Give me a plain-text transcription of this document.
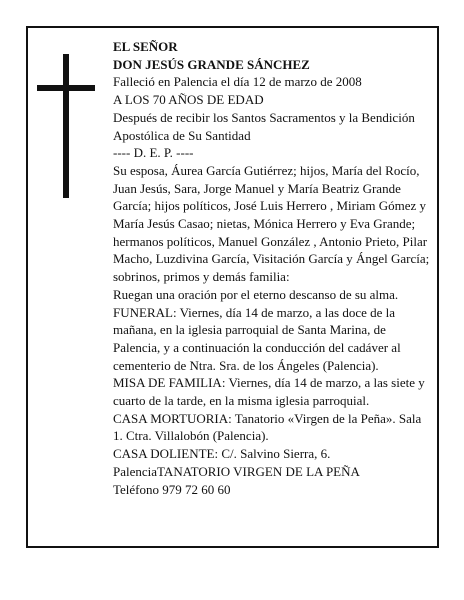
EL SEÑOR

DON JESÚS GRANDE SÁNCHEZ

Falleció en Palencia el día 12 de marzo de 2008

A LOS 70 AÑOS DE EDAD

Después de recibir los Santos Sacramentos y la Bendición Apostólica de Su Santidad

---- D. E. P. ----

Su esposa, Áurea García Gutiérrez; hijos, María del Rocío, Juan Jesús, Sara, Jorge Manuel y María Beatriz Grande García; hijos políticos, José Luis Herrero , Miriam Gómez y María Jesús Casao; nietas, Mónica Herrero y Eva Grande; hermanos políticos, Manuel González , Antonio Prieto, Pilar Macho, Luzdivina García, Visitación García y Ángel García; sobrinos, primos y demás familia:

Ruegan una oración por el eterno descanso de su alma.

FUNERAL: Viernes, día 14 de marzo, a las doce de la mañana, en la iglesia parroquial de Santa Marina, de Palencia, y a continuación la conducción del cadáver al cementerio de Ntra. Sra. de los Ángeles (Palencia).

MISA DE FAMILIA: Viernes, día 14 de marzo, a las siete y cuarto de la tarde, en la misma iglesia parroquial.

CASA MORTUORIA: Tanatorio «Virgen de la Peña». Sala 1. Ctra. Villalobón (Palencia).

CASA DOLIENTE: C/. Salvino Sierra, 6. PalenciaTANATORIO VIRGEN DE LA PEÑA

Teléfono 979 72 60 60
